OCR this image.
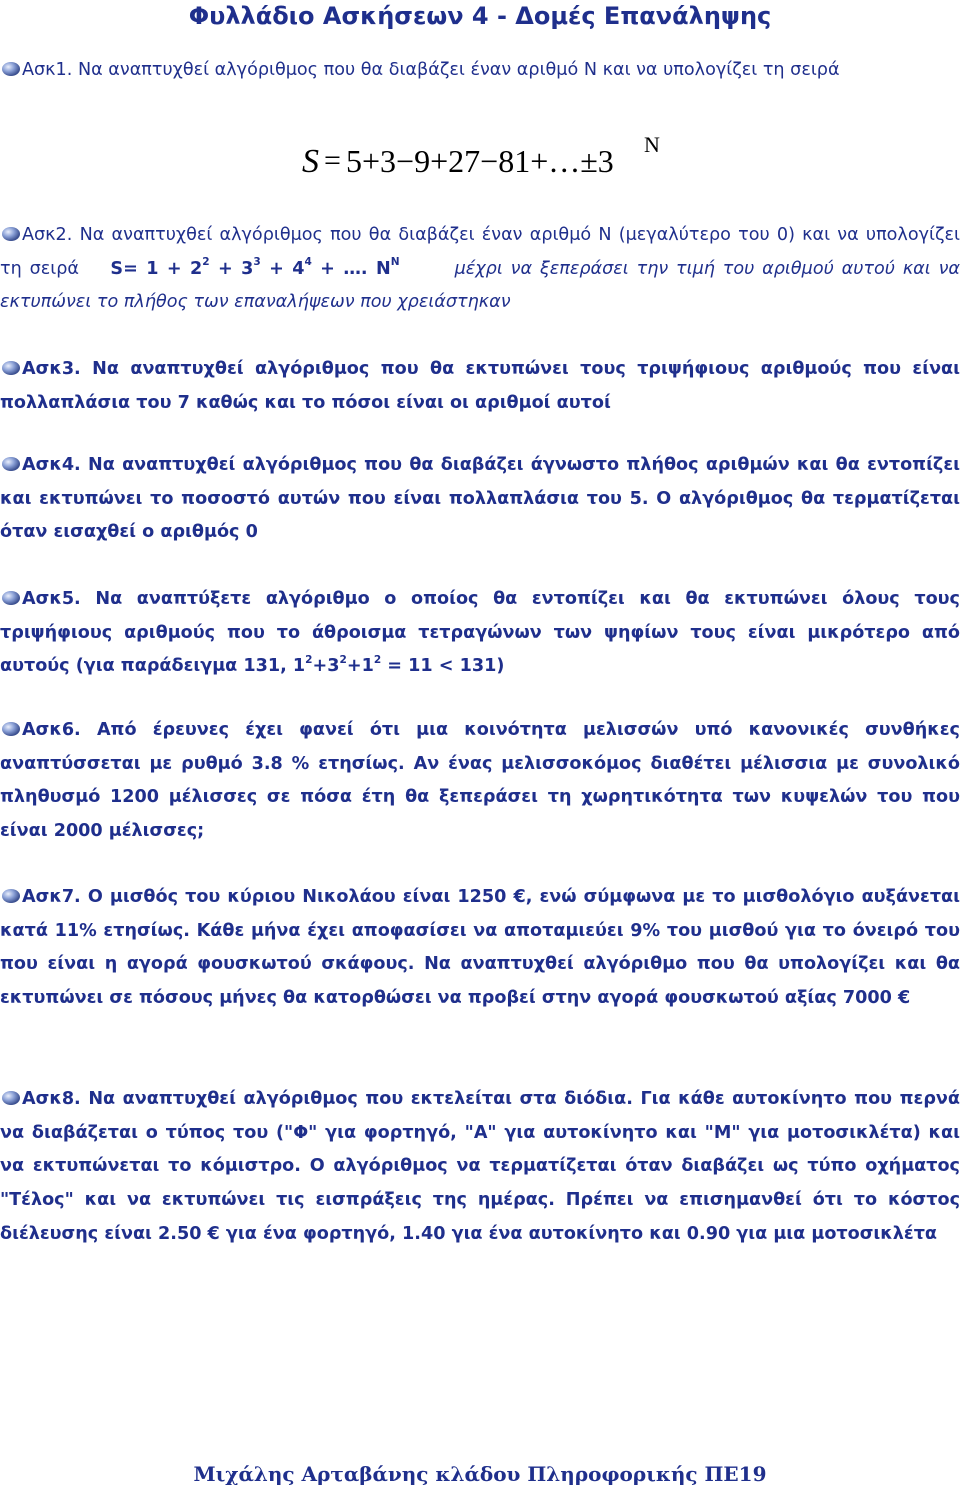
Φυλλάδιο Ασκήσεων 4 - Δομές Επανάληψης

Ασκ1. Να αναπτυχθεί αλγόριθμος που θα διαβάζει έναν αριθμό Ν και να υπολογίζει τη σειρά

S = 5+3−9+27−81+…±3 N

Ασκ2. Να αναπτυχθεί αλγόριθμος που θα διαβάζει έναν αριθμό Ν (μεγαλύτερο του 0) και να υπολογίζει τη σειρά $S= 1 + 2^2 + 3^3 + 4^4$ + …. $N^N$	μέχρι να ξεπεράσει την τιμή του αριθμού αυτού και να εκτυπώνει το πλήθος των επαναλήψεων που χρειάστηκαν

Ασκ3. Να αναπτυχθεί αλγόριθμος που θα εκτυπώνει τους τριψήφιους αριθμούς που είναι πολλαπλάσια του 7 καθώς και το πόσοι είναι οι αριθμοί αυτοί

Ασκ4. Να αναπτυχθεί αλγόριθμος που θα διαβάζει άγνωστο πλήθος αριθμών και θα εντοπίζει και εκτυπώνει το ποσοστό αυτών που είναι πολλαπλάσια του 5. Ο αλγόριθμος θα τερματίζεται όταν εισαχθεί ο αριθμός 0

Ασκ5. Να αναπτύξετε αλγόριθμο ο οποίος θα εντοπίζει και θα εκτυπώνει όλους τους τριψήφιους αριθμούς που το άθροισμα τετραγώνων των ψηφίων τους είναι μικρότερο από αυτούς (για παράδειγμα 131, $1^2+3^2+1^2 = 11 < 131$)

Ασκ6. Από έρευνες έχει φανεί ότι μια κοινότητα μελισσών υπό κανονικές συνθήκες αναπτύσσεται με ρυθμό 3.8 % ετησίως. Αν ένας μελισσοκόμος διαθέτει μέλισσια με συνολικό πληθυσμό 1200 μέλισσες σε πόσα έτη θα ξεπεράσει τη χωρητικότητα των κυψελών του που είναι 2000 μέλισσες;

Ασκ7. Ο μισθός του κύριου Νικολάου είναι 1250 €, ενώ σύμφωνα με το μισθολόγιο αυξάνεται κατά 11% ετησίως. Κάθε μήνα έχει αποφασίσει να αποταμιεύει 9% του μισθού για το όνειρό του που είναι η αγορά φουσκωτού σκάφους. Να αναπτυχθεί αλγόριθμο που θα υπολογίζει και θα εκτυπώνει σε πόσους μήνες θα κατορθώσει να προβεί στην αγορά φουσκωτού αξίας 7000 €

Ασκ8. Να αναπτυχθεί αλγόριθμος που εκτελείται στα διόδια. Για κάθε αυτοκίνητο που περνά να διαβάζεται ο τύπος του ("Φ" για φορτηγό, "Α" για αυτοκίνητο και "Μ" για μοτοσικλέτα) και να εκτυπώνεται το κόμιστρο. Ο αλγόριθμος να τερματίζεται όταν διαβάζει ως τύπο οχήματος "Τέλος" και να εκτυπώνει τις εισπράξεις της ημέρας. Πρέπει να επισημανθεί ότι το κόστος διέλευσης είναι 2.50 € για ένα φορτηγό, 1.40 για ένα αυτοκίνητο και 0.90 για μια μοτοσικλέτα

Μιχάλης Αρταβάνης κλάδου Πληροφορικής ΠΕ19
